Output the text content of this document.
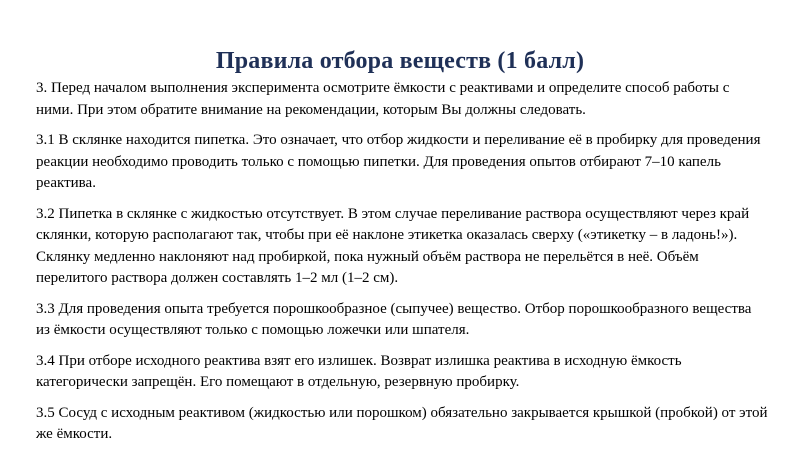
Правила отбора веществ (1 балл)

3. Перед началом выполнения эксперимента осмотрите ёмкости с реактивами и определите способ работы с ними. При этом обратите внимание на рекомендации, которым Вы должны следовать.

3.1 В склянке находится пипетка. Это означает, что отбор жидкости и переливание её в пробирку для проведения реакции необходимо проводить только с помощью пипетки. Для проведения опытов отбирают 7–10 капель реактива.

3.2 Пипетка в склянке с жидкостью отсутствует. В этом случае переливание раствора осуществляют через край склянки, которую располагают так, чтобы при её наклоне этикетка оказалась сверху («этикетку – в ладонь!»). Склянку медленно наклоняют над пробиркой, пока нужный объём раствора не перельётся в неё. Объём перелитого раствора должен составлять 1–2 мл (1–2 см).

3.3 Для проведения опыта требуется порошкообразное (сыпучее) вещество. Отбор порошкообразного вещества из ёмкости осуществляют только с помощью ложечки или шпателя.

3.4 При отборе исходного реактива взят его излишек. Возврат излишка реактива в исходную ёмкость категорически запрещён. Его помещают в отдельную, резервную пробирку.

3.5 Сосуд с исходным реактивом (жидкостью или порошком) обязательно закрывается крышкой (пробкой) от этой же ёмкости.
